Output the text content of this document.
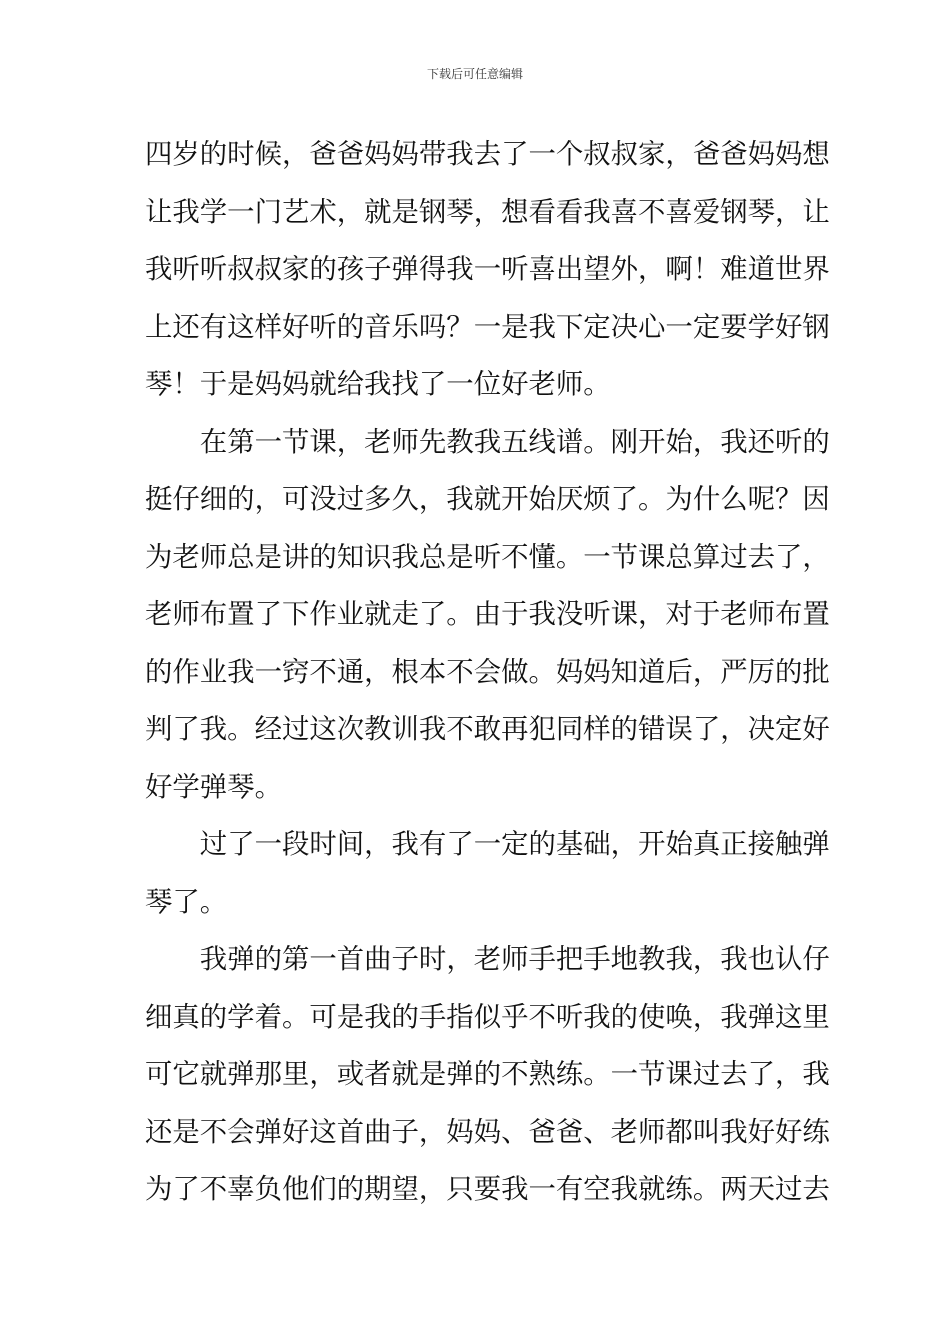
下载后可任意编辑
四岁的时候，爸爸妈妈带我去了一个叔叔家，爸爸妈妈想
让我学一门艺术，就是钢琴，想看看我喜不喜爱钢琴，让
我听听叔叔家的孩子弹得我一听喜出望外，啊！难道世界
上还有这样好听的音乐吗？一是我下定决心一定要学好钢
琴！于是妈妈就给我找了一位好老师。
在第一节课，老师先教我五线谱。刚开始，我还听的
挺仔细的，可没过多久，我就开始厌烦了。为什么呢？因
为老师总是讲的知识我总是听不懂。一节课总算过去了，
老师布置了下作业就走了。由于我没听课，对于老师布置
的作业我一窍不通，根本不会做。妈妈知道后，严厉的批
判了我。经过这次教训我不敢再犯同样的错误了，决定好
好学弹琴。
过了一段时间，我有了一定的基础，开始真正接触弹
琴了。
我弹的第一首曲子时，老师手把手地教我，我也认仔
细真的学着。可是我的手指似乎不听我的使唤，我弹这里
可它就弹那里，或者就是弹的不熟练。一节课过去了，我
还是不会弹好这首曲子，妈妈、爸爸、老师都叫我好好练
为了不辜负他们的期望，只要我一有空我就练。两天过去
